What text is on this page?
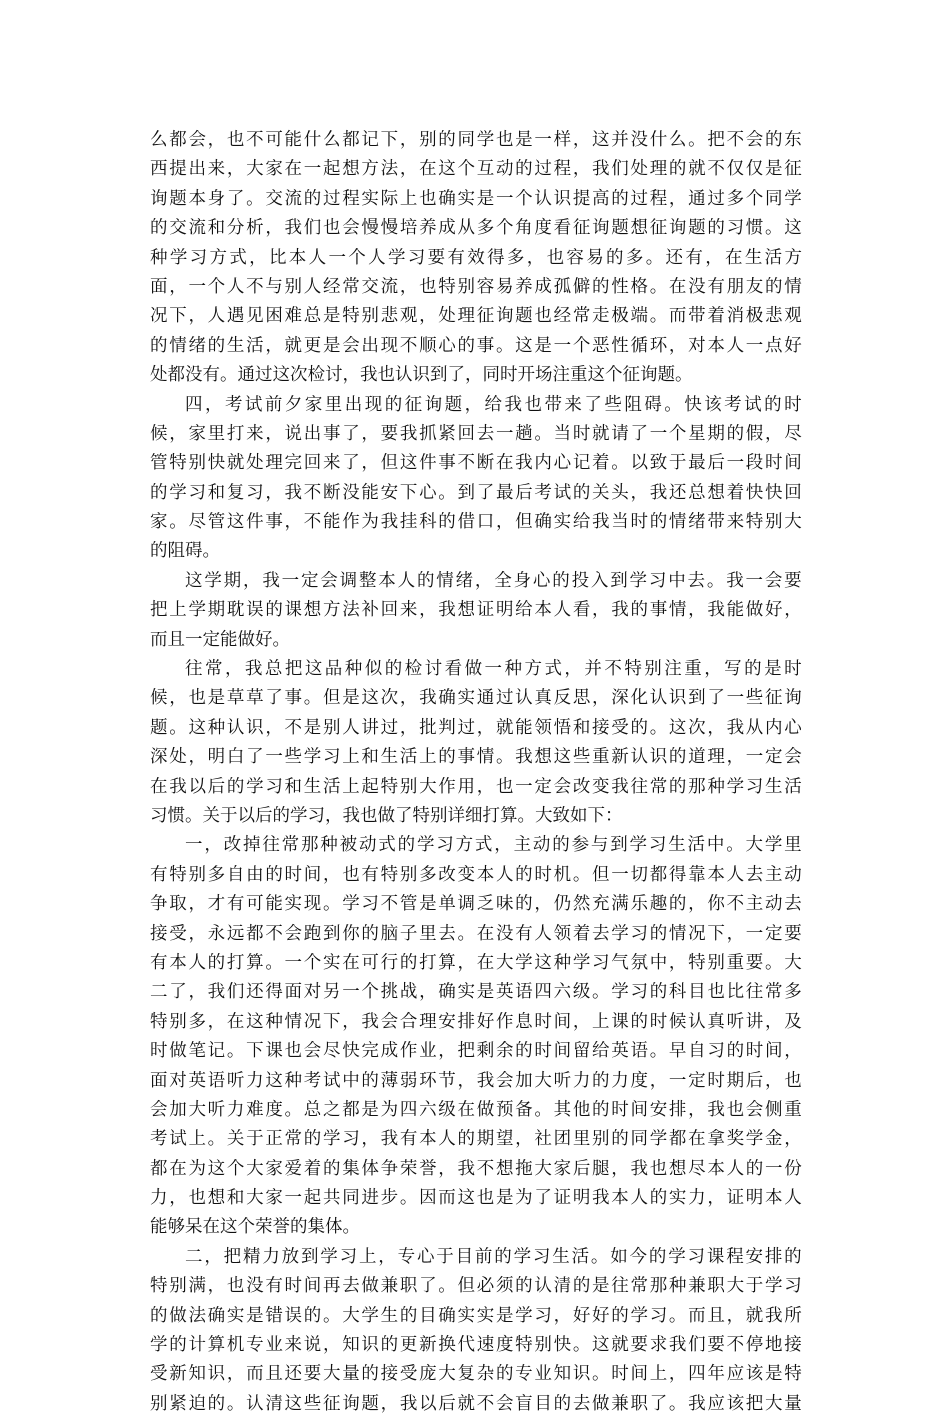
么 都 会 ， 也 不 可 能 什 么 都 记 下 ， 别 的 同 学 也 是 一 样 ， 这 并 没 什 么 。 把 不 会 的 东
西 提 出 来 ， 大 家 在 一 起 想 方 法 ， 在 这 个 互 动 的 过 程 ， 我 们 处 理 的 就 不 仅 仅 是 征
询 题 本 身 了 。 交 流 的 过 程 实 际 上 也 确 实 是 一 个 认 识 提 高 的 过 程 ， 通 过 多 个 同 学
的 交 流 和 分 析 ， 我 们 也 会 慢 慢 培 养 成 从 多 个 角 度 看 征 询 题 想 征 询 题 的 习 惯 。 这
种 学 习 方 式 ， 比 本 人 一 个 人 学 习 要 有 效 得 多 ， 也 容 易 的 多 。 还 有 ， 在 生 活 方
面 ， 一 个 人 不 与 别 人 经 常 交 流 ， 也 特 别 容 易 养 成 孤 僻 的 性 格 。 在 没 有 朋 友 的 情
况 下 ， 人 遇 见 困 难 总 是 特 别 悲 观 ， 处 理 征 询 题 也 经 常 走 极 端 。 而 带 着 消 极 悲 观
的 情 绪 的 生 活 ， 就 更 是 会 出 现 不 顺 心 的 事 。 这 是 一 个 恶 性 循 环 ， 对 本 人 一 点 好
处都没有。通过这次检讨，我也认识到了，同时开场注重这个征询题。
四 ， 考 试 前 夕 家 里 出 现 的 征 询 题 ， 给 我 也 带 来 了 些 阻 碍 。 快 该 考 试 的 时
候 ， 家 里 打 来 ， 说 出 事 了 ， 要 我 抓 紧 回 去 一 趟 。 当 时 就 请 了 一 个 星 期 的 假 ， 尽
管 特 别 快 就 处 理 完 回 来 了 ， 但 这 件 事 不 断 在 我 内 心 记 着 。 以 致 于 最 后 一 段 时 间
的 学 习 和 复 习 ， 我 不 断 没 能 安 下 心 。 到 了 最 后 考 试 的 关 头 ， 我 还 总 想 着 快 快 回
家 。 尽 管 这 件 事 ， 不 能 作 为 我 挂 科 的 借 口 ， 但 确 实 给 我 当 时 的 情 绪 带 来 特 别 大
的阻碍。
这 学 期 ， 我 一 定 会 调 整 本 人 的 情 绪 ， 全 身 心 的 投 入 到 学 习 中 去 。 我 一 会 要
把 上 学 期 耽 误 的 课 想 方 法 补 回 来 ， 我 想 证 明 给 本 人 看 ， 我 的 事 情 ， 我 能 做 好 ，
而且一定能做好。
往 常 ， 我 总 把 这 品 种 似 的 检 讨 看 做 一 种 方 式 ， 并 不 特 别 注 重 ， 写 的 是 时
候 ， 也 是 草 草 了 事 。 但 是 这 次 ， 我 确 实 通 过 认 真 反 思 ， 深 化 认 识 到 了 一 些 征 询
题 。 这 种 认 识 ， 不 是 别 人 讲 过 ， 批 判 过 ， 就 能 领 悟 和 接 受 的 。 这 次 ， 我 从 内 心
深 处 ， 明 白 了 一 些 学 习 上 和 生 活 上 的 事 情 。 我 想 这 些 重 新 认 识 的 道 理 ， 一 定 会
在 我 以 后 的 学 习 和 生 活 上 起 特 别 大 作 用 ， 也 一 定 会 改 变 我 往 常 的 那 种 学 习 生 活
习惯。关于以后的学习，我也做了特别详细打算。大致如下：
一 ， 改 掉 往 常 那 种 被 动 式 的 学 习 方 式 ， 主 动 的 参 与 到 学 习 生 活 中 。 大 学 里
有 特 别 多 自 由 的 时 间 ， 也 有 特 别 多 改 变 本 人 的 时 机 。 但 一 切 都 得 靠 本 人 去 主 动
争 取 ， 才 有 可 能 实 现 。 学 习 不 管 是 单 调 乏 味 的 ， 仍 然 充 满 乐 趣 的 ， 你 不 主 动 去
接 受 ， 永 远 都 不 会 跑 到 你 的 脑 子 里 去 。 在 没 有 人 领 着 去 学 习 的 情 况 下 ， 一 定 要
有 本 人 的 打 算 。 一 个 实 在 可 行 的 打 算 ， 在 大 学 这 种 学 习 气 氛 中 ， 特 别 重 要 。 大
二 了 ， 我 们 还 得 面 对 另 一 个 挑 战 ， 确 实 是 英 语 四 六 级 。 学 习 的 科 目 也 比 往 常 多
特 别 多 ， 在 这 种 情 况 下 ， 我 会 合 理 安 排 好 作 息 时 间 ， 上 课 的 时 候 认 真 听 讲 ， 及
时 做 笔 记 。 下 课 也 会 尽 快 完 成 作 业 ， 把 剩 余 的 时 间 留 给 英 语 。 早 自 习 的 时 间 ，
面 对 英 语 听 力 这 种 考 试 中 的 薄 弱 环 节 ， 我 会 加 大 听 力 的 力 度 ， 一 定 时 期 后 ， 也
会 加 大 听 力 难 度 。 总 之 都 是 为 四 六 级 在 做 预 备 。 其 他 的 时 间 安 排 ， 我 也 会 侧 重
考 试 上 。 关 于 正 常 的 学 习 ， 我 有 本 人 的 期 望 ， 社 团 里 别 的 同 学 都 在 拿 奖 学 金 ，
都 在 为 这 个 大 家 爱 着 的 集 体 争 荣 誉 ， 我 不 想 拖 大 家 后 腿 ， 我 也 想 尽 本 人 的 一 份
力 ， 也 想 和 大 家 一 起 共 同 进 步 。 因 而 这 也 是 为 了 证 明 我 本 人 的 实 力 ， 证 明 本 人
能够呆在这个荣誉的集体。
二 ， 把 精 力 放 到 学 习 上 ， 专 心 于 目 前 的 学 习 生 活 。 如 今 的 学 习 课 程 安 排 的
特 别 满 ， 也 没 有 时 间 再 去 做 兼 职 了 。 但 必 须 的 认 清 的 是 往 常 那 种 兼 职 大 于 学 习
的 做 法 确 实 是 错 误 的 。 大 学 生 的 目 确 实 实 是 学 习 ， 好 好 的 学 习 。 而 且 ， 就 我 所
学 的 计 算 机 专 业 来 说 ， 知 识 的 更 新 换 代 速 度 特 别 快 。 这 就 要 求 我 们 要 不 停 地 接
受 新 知 识 ， 而 且 还 要 大 量 的 接 受 庞 大 复 杂 的 专 业 知 识 。 时 间 上 ， 四 年 应 该 是 特
别 紧 迫 的 。 认 清 这 些 征 询 题 ， 我 以 后 就 不 会 盲 目 的 去 做 兼 职 了 。 我 应 该 把 大 量
